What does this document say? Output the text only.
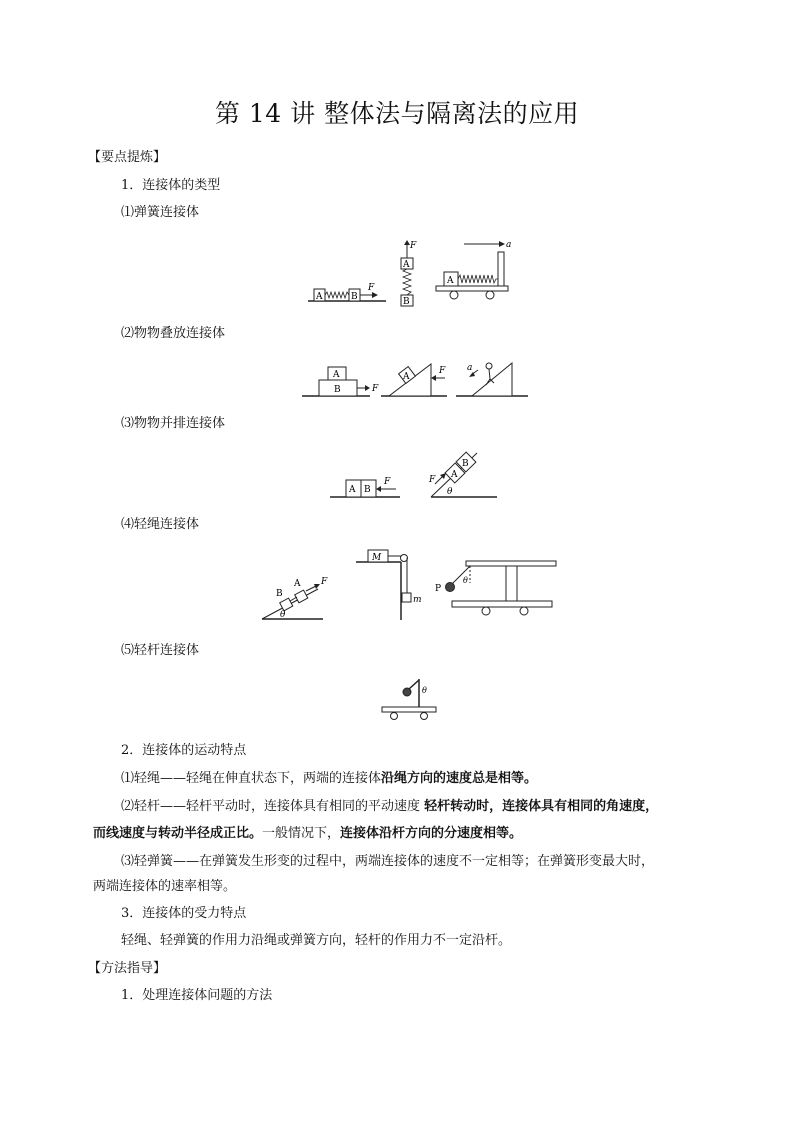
第 14 讲 整体法与隔离法的应用
【要点提炼】
1．连接体的类型
⑴弹簧连接体
A	B
F
F
A
B
a
A
⑵物物叠放连接体
B
A
F
A
F a
⑶物物并排连接体
A B
F
A
B
F
θ
⑷轻绳连接体
B
A F
θ
M
m
P
θ
⑸轻杆连接体
θ
2．连接体的运动特点
⑴轻绳——轻绳在伸直状态下，两端的连接体沿绳方向的速度总是相等。
⑵轻杆——轻杆平动时，连接体具有相同的平动速度 轻杆转动时，连接体具有相同的角速度，
而线速度与转动半径成正比。一般情况下，连接体沿杆方向的分速度相等。
⑶轻弹簧——在弹簧发生形变的过程中，两端连接体的速度不一定相等；在弹簧形变最大时，
两端连接体的速率相等。
3．连接体的受力特点
轻绳、轻弹簧的作用力沿绳或弹簧方向，轻杆的作用力不一定沿杆。
【方法指导】
1．处理连接体问题的方法
